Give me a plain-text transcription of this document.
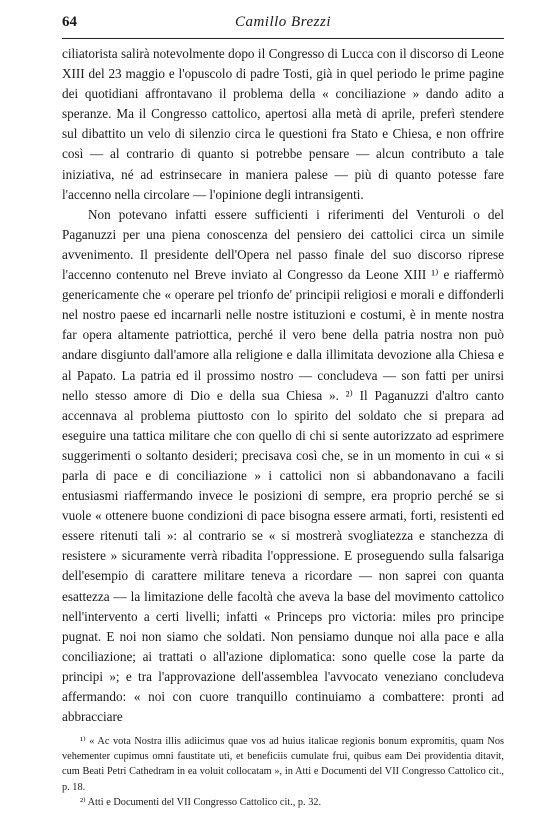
64	Camillo Brezzi

ciliatorista salirà notevolmente dopo il Congresso di Lucca con il discorso di Leone XIII del 23 maggio e l'opuscolo di padre Tosti, già in quel periodo le prime pagine dei quotidiani affrontavano il problema della « conciliazione » dando adito a speranze. Ma il Congresso cattolico, apertosi alla metà di aprile, preferì stendere sul dibattito un velo di silenzio circa le questioni fra Stato e Chiesa, e non offrire così — al contrario di quanto si potrebbe pensare — alcun contributo a tale iniziativa, né ad estrinsecare in maniera palese — più di quanto potesse fare l'accenno nella circolare — l'opinione degli intransigenti.

Non potevano infatti essere sufficienti i riferimenti del Venturoli o del Paganuzzi per una piena conoscenza del pensiero dei cattolici circa un simile avvenimento. Il presidente dell'Opera nel passo finale del suo discorso riprese l'accenno contenuto nel Breve inviato al Congresso da Leone XIII ¹⁾ e riaffermò genericamente che « operare pel trionfo de' principii religiosi e morali e diffonderli nel nostro paese ed incarnarli nelle nostre istituzioni e costumi, è in mente nostra far opera altamente patriottica, perché il vero bene della patria nostra non può andare disgiunto dall'amore alla religione e dalla illimitata devozione alla Chiesa e al Papato. La patria ed il prossimo nostro — concludeva — son fatti per unirsi nello stesso amore di Dio e della sua Chiesa ». ²⁾ Il Paganuzzi d'altro canto accennava al problema piuttosto con lo spirito del soldato che si prepara ad eseguire una tattica militare che con quello di chi si sente autorizzato ad esprimere suggerimenti o soltanto desideri; precisava così che, se in un momento in cui « si parla di pace e di conciliazione » i cattolici non si abbandonavano a facili entusiasmi riaffermando invece le posizioni di sempre, era proprio perché se si vuole « ottenere buone condizioni di pace bisogna essere armati, forti, resistenti ed essere ritenuti tali »: al contrario se « si mostrerà svogliatezza e stanchezza di resistere » sicuramente verrà ribadita l'oppressione. E proseguendo sulla falsariga dell'esempio di carattere militare teneva a ricordare — non saprei con quanta esattezza — la limitazione delle facoltà che aveva la base del movimento cattolico nell'intervento a certi livelli; infatti « Princeps pro victoria: miles pro principe pugnat. E noi non siamo che soldati. Non pensiamo dunque noi alla pace e alla conciliazione; ai trattati o all'azione diplomatica: sono quelle cose la parte da principi »; e tra l'approvazione dell'assemblea l'avvocato veneziano concludeva affermando: « noi con cuore tranquillo continuiamo a combattere: pronti ad abbracciare

¹⁾ « Ac vota Nostra illis adiicimus quae vos ad huius italicae regionis bonum expromitis, quam Nos vehementer cupimus omni faustitate uti, et beneficiis cumulate frui, quibus eam Dei providentia ditavit, cum Beati Petri Cathedram in ea voluit collocatam », in Atti e Documenti del VII Congresso Cattolico cit., p. 18.

²⁾ Atti e Documenti del VII Congresso Cattolico cit., p. 32.
